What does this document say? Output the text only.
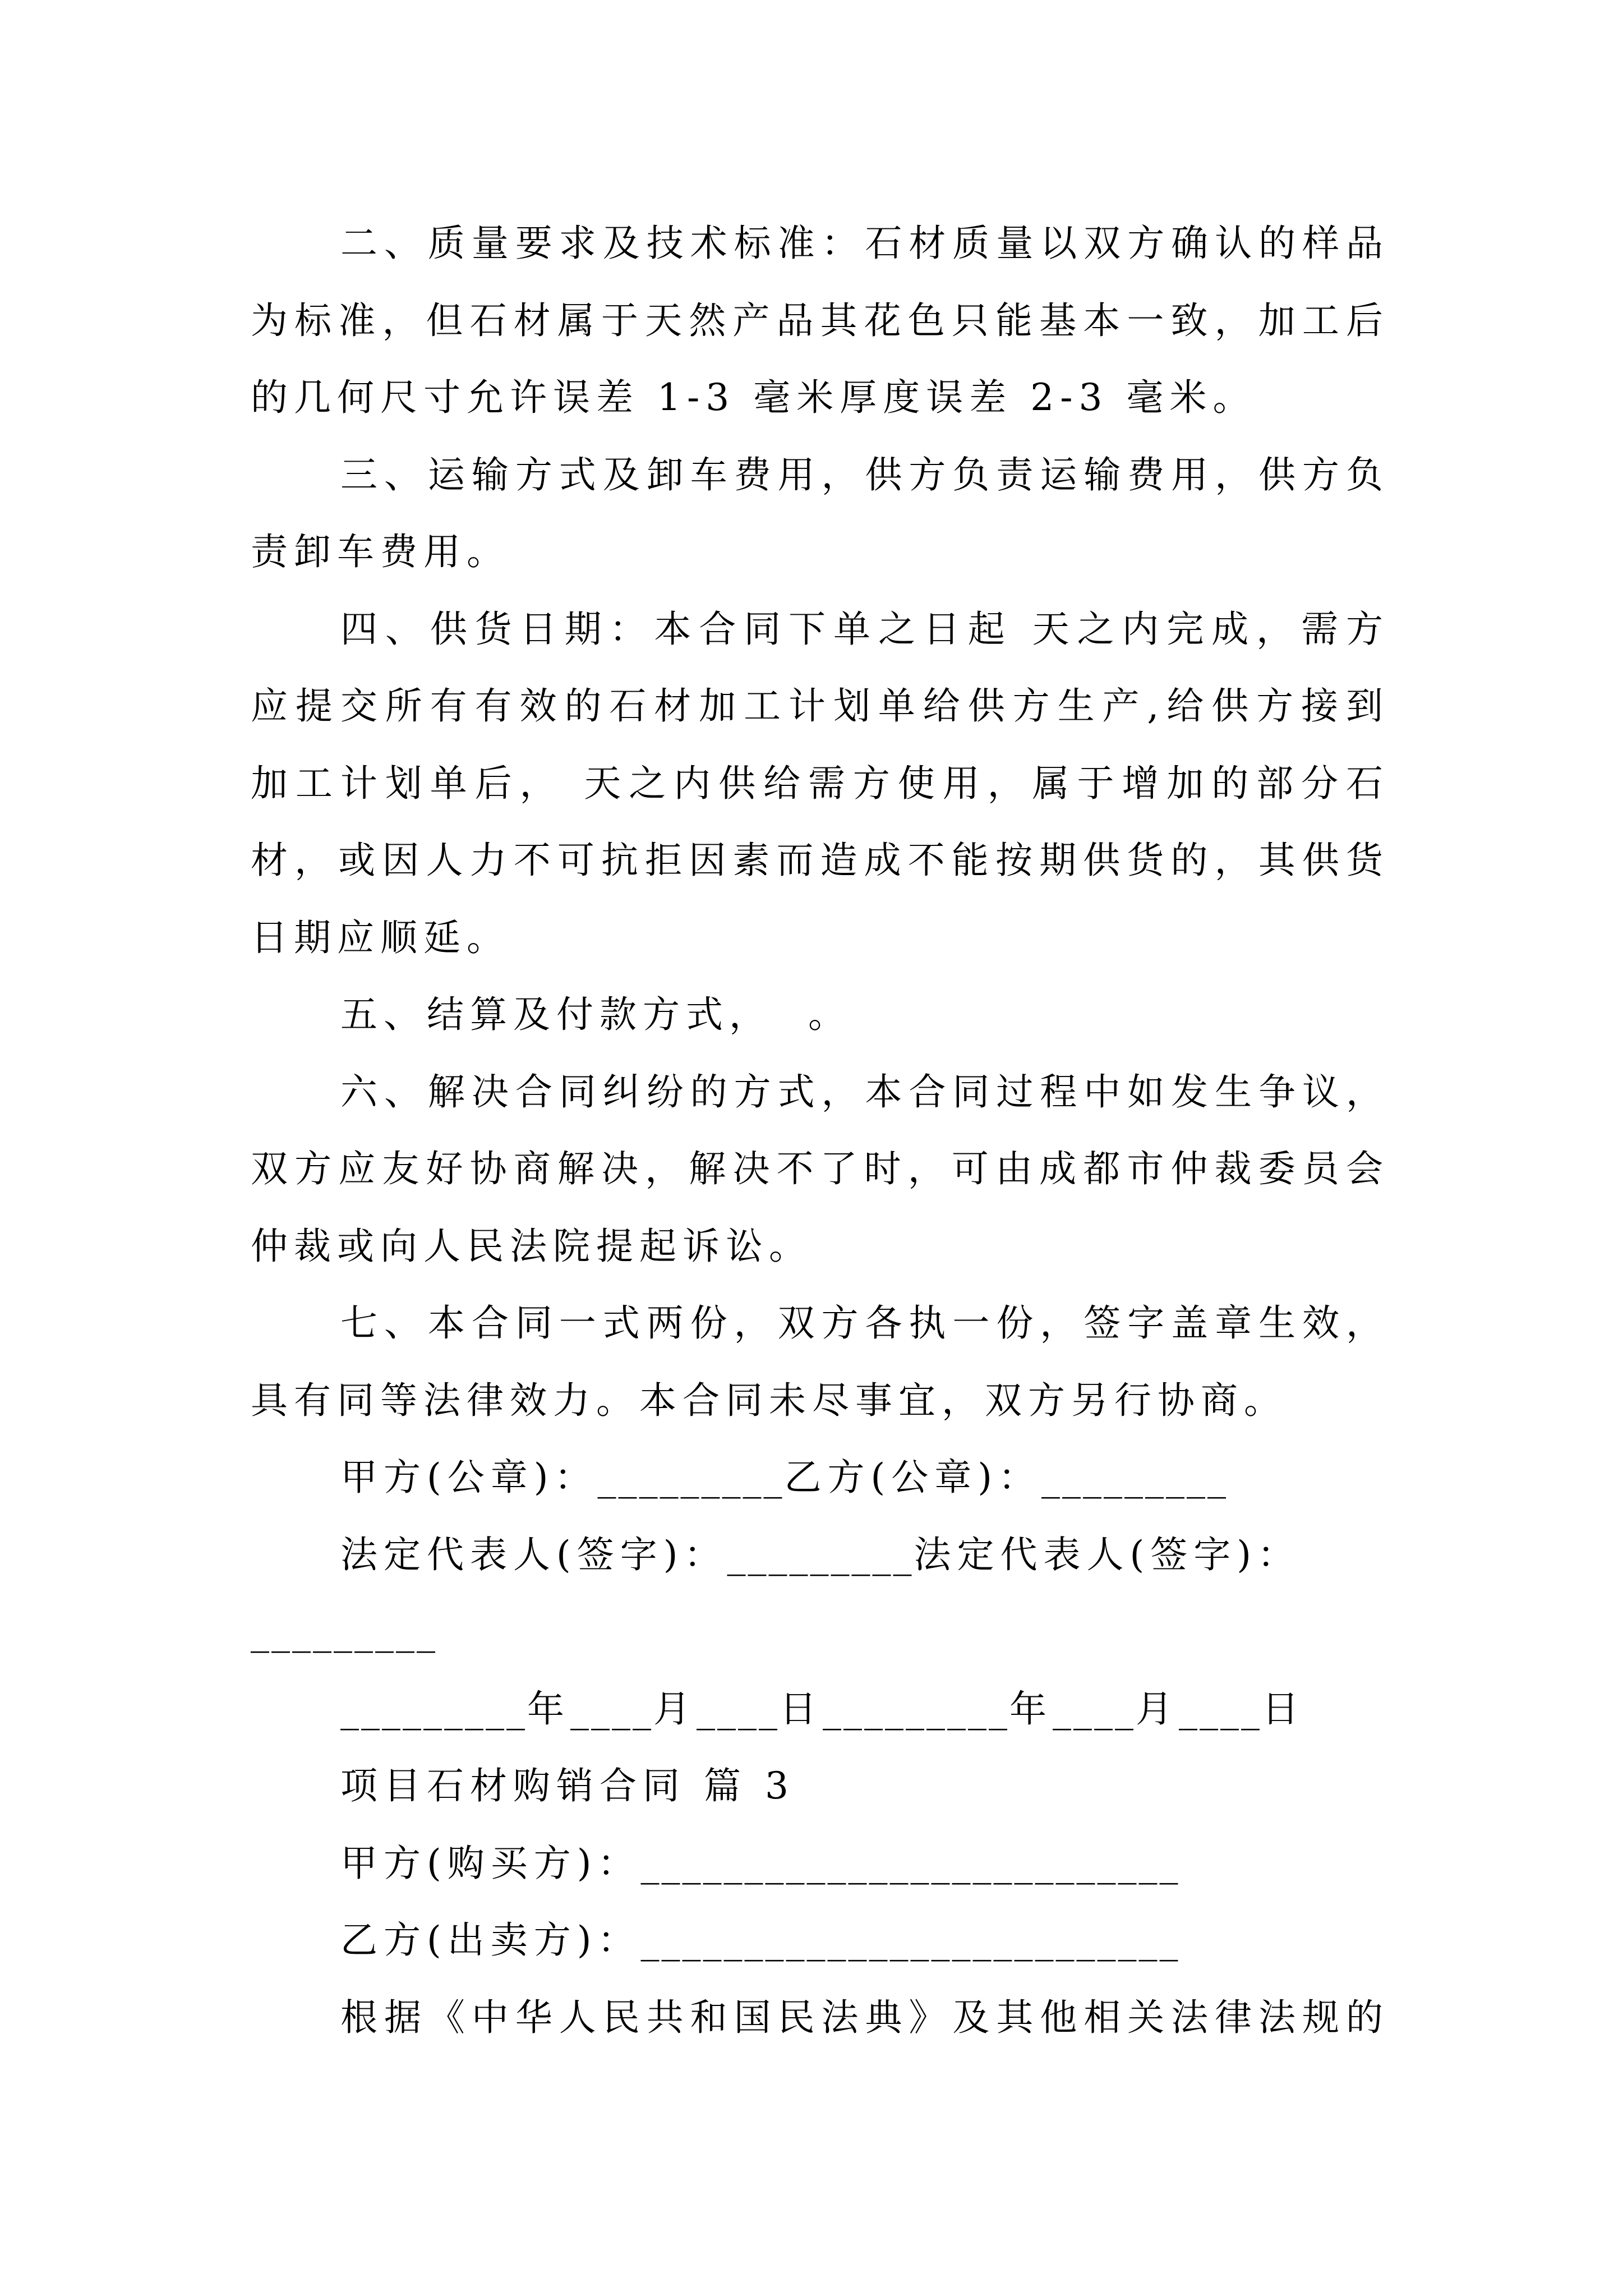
二、质量要求及技术标准：石材质量以双方确认的样品
为标准，但石材属于天然产品其花色只能基本一致，加工后
的几何尺寸允许误差 1-3 毫米厚度误差 2-3 毫米。
三、运输方式及卸车费用，供方负责运输费用，供方负
责卸车费用。
四、供货日期：本合同下单之日起 天之内完成，需方
应提交所有有效的石材加工计划单给供方生产,给供方接到
加工计划单后， 天之内供给需方使用，属于增加的部分石
材，或因人力不可抗拒因素而造成不能按期供货的，其供货
日期应顺延。
五、结算及付款方式，  。
六、解决合同纠纷的方式，本合同过程中如发生争议，
双方应友好协商解决，解决不了时，可由成都市仲裁委员会
仲裁或向人民法院提起诉讼。
七、本合同一式两份，双方各执一份，签字盖章生效，
具有同等法律效力。本合同未尽事宜，双方另行协商。
甲方(公章)：_________乙方(公章)：_________
法定代表人(签字)：_________法定代表人(签字)：
_________
_________年____月____日_________年____月____日
项目石材购销合同 篇 3
甲方(购买方)：__________________________
乙方(出卖方)：__________________________
根据《中华人民共和国民法典》及其他相关法律法规的
